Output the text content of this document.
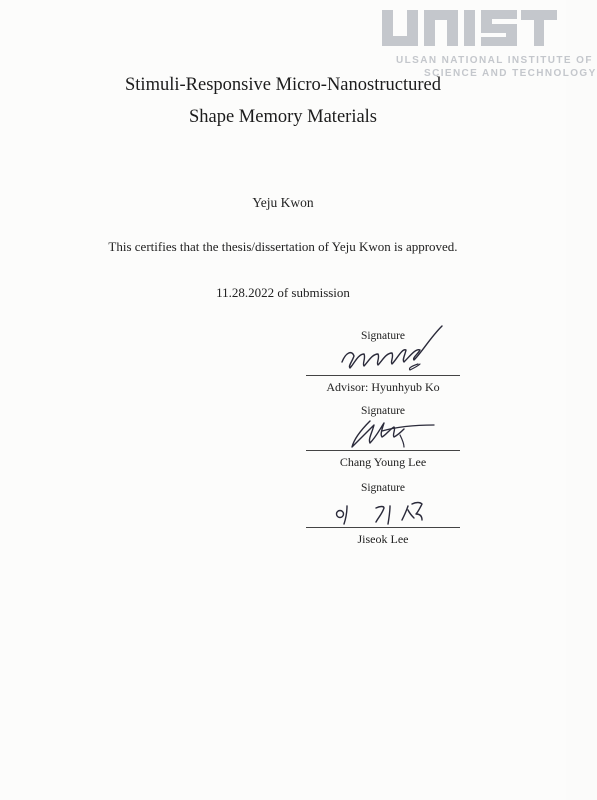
ULSAN NATIONAL INSTITUTE OF
SCIENCE AND TECHNOLOGY
Stimuli-Responsive Micro-Nanostructured
Shape Memory Materials
Yeju Kwon
This certifies that the thesis/dissertation of Yeju Kwon is approved.
11.28.2022 of submission
Signature
Advisor: Hyunhyub Ko
Signature
Chang Young Lee
Signature
Jiseok Lee
